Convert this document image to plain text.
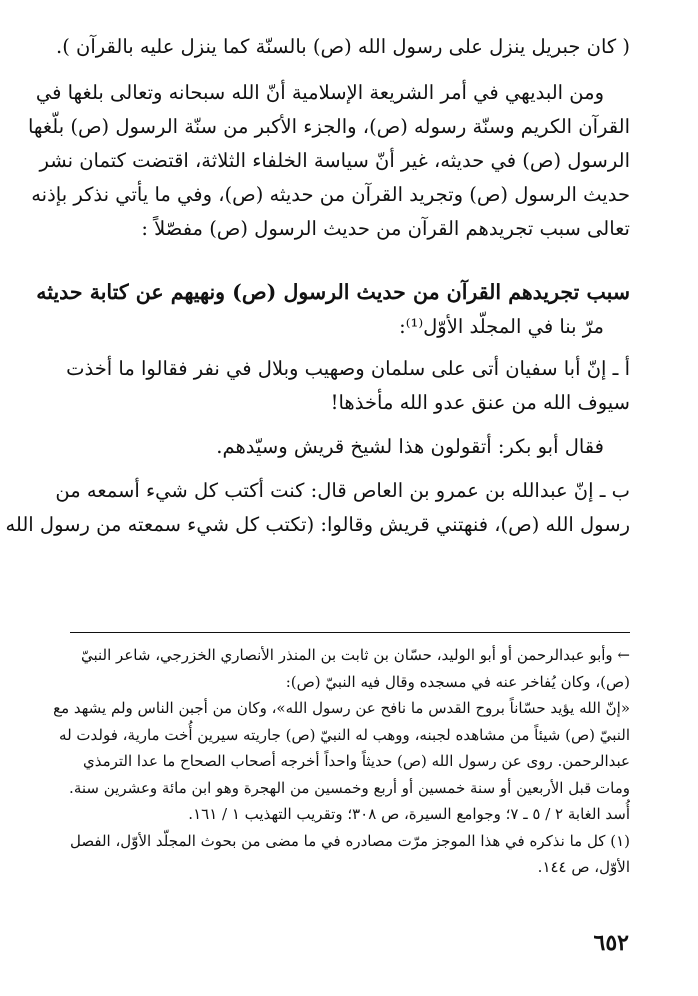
( كان جبريل ينزل على رسول الله (ص) بالسنّة كما ينزل عليه بالقرآن ).
ومن البديهي في أمر الشريعة الإسلامية أنّ الله سبحانه وتعالى بلغها في
القرآن الكريم وسنّة رسوله (ص)، والجزء الأكبر من سنّة الرسول (ص) بلّغها
الرسول (ص) في حديثه، غير أنّ سياسة الخلفاء الثلاثة، اقتضت كتمان نشر
حديث الرسول (ص) وتجريد القرآن من حديثه (ص)، وفي ما يأتي نذكر بإذنه
تعالى سبب تجريدهم القرآن من حديث الرسول (ص) مفصّلاً :
سبب تجريدهم القرآن من حديث الرسول (ص) ونهيهم عن كتابة حديثه
مرّ بنا في المجلّد الأوّل⁽¹⁾:
أ ـ إنّ أبا سفيان أتى على سلمان وصهيب وبلال في نفر فقالوا ما أخذت
سيوف الله من عنق عدو الله مأخذها!
فقال أبو بكر: أتقولون هذا لشيخ قريش وسيّدهم.
ب ـ إنّ عبدالله بن عمرو بن العاص قال: كنت أكتب كل شيء أسمعه من
رسول الله (ص)، فنهتني قريش وقالوا: (تكتب كل شيء سمعته من رسول الله
← وأبو عبدالرحمن أو أبو الوليد، حسّان بن ثابت بن المنذر الأنصاري الخزرجي، شاعر النبيّ
(ص)، وكان يُفاخر عنه في مسجده وقال فيه النبيّ (ص):
«إنّ الله يؤيد حسّاناً بروح القدس ما نافح عن رسول الله»، وكان من أجبن الناس ولم يشهد مع
النبيّ (ص) شيئاً من مشاهده لجبنه، ووهب له النبيّ (ص) جاريته سيرين أُخت مارية، فولدت له
عبدالرحمن. روى عن رسول الله (ص) حديثاً واحداً أخرجه أصحاب الصحاح ما عدا الترمذي
ومات قبل الأربعين أو سنة خمسين أو أربع وخمسين من الهجرة وهو ابن مائة وعشرين سنة.
أُسد الغابة ٢ / ٥ ـ ٧؛ وجوامع السيرة، ص ٣٠٨؛ وتقريب التهذيب ١ / ١٦١.
(١) كل ما نذكره في هذا الموجز مرّت مصادره في ما مضى من بحوث المجلّد الأوّل، الفصل
الأوّل، ص ١٤٤.
٦٥٢
